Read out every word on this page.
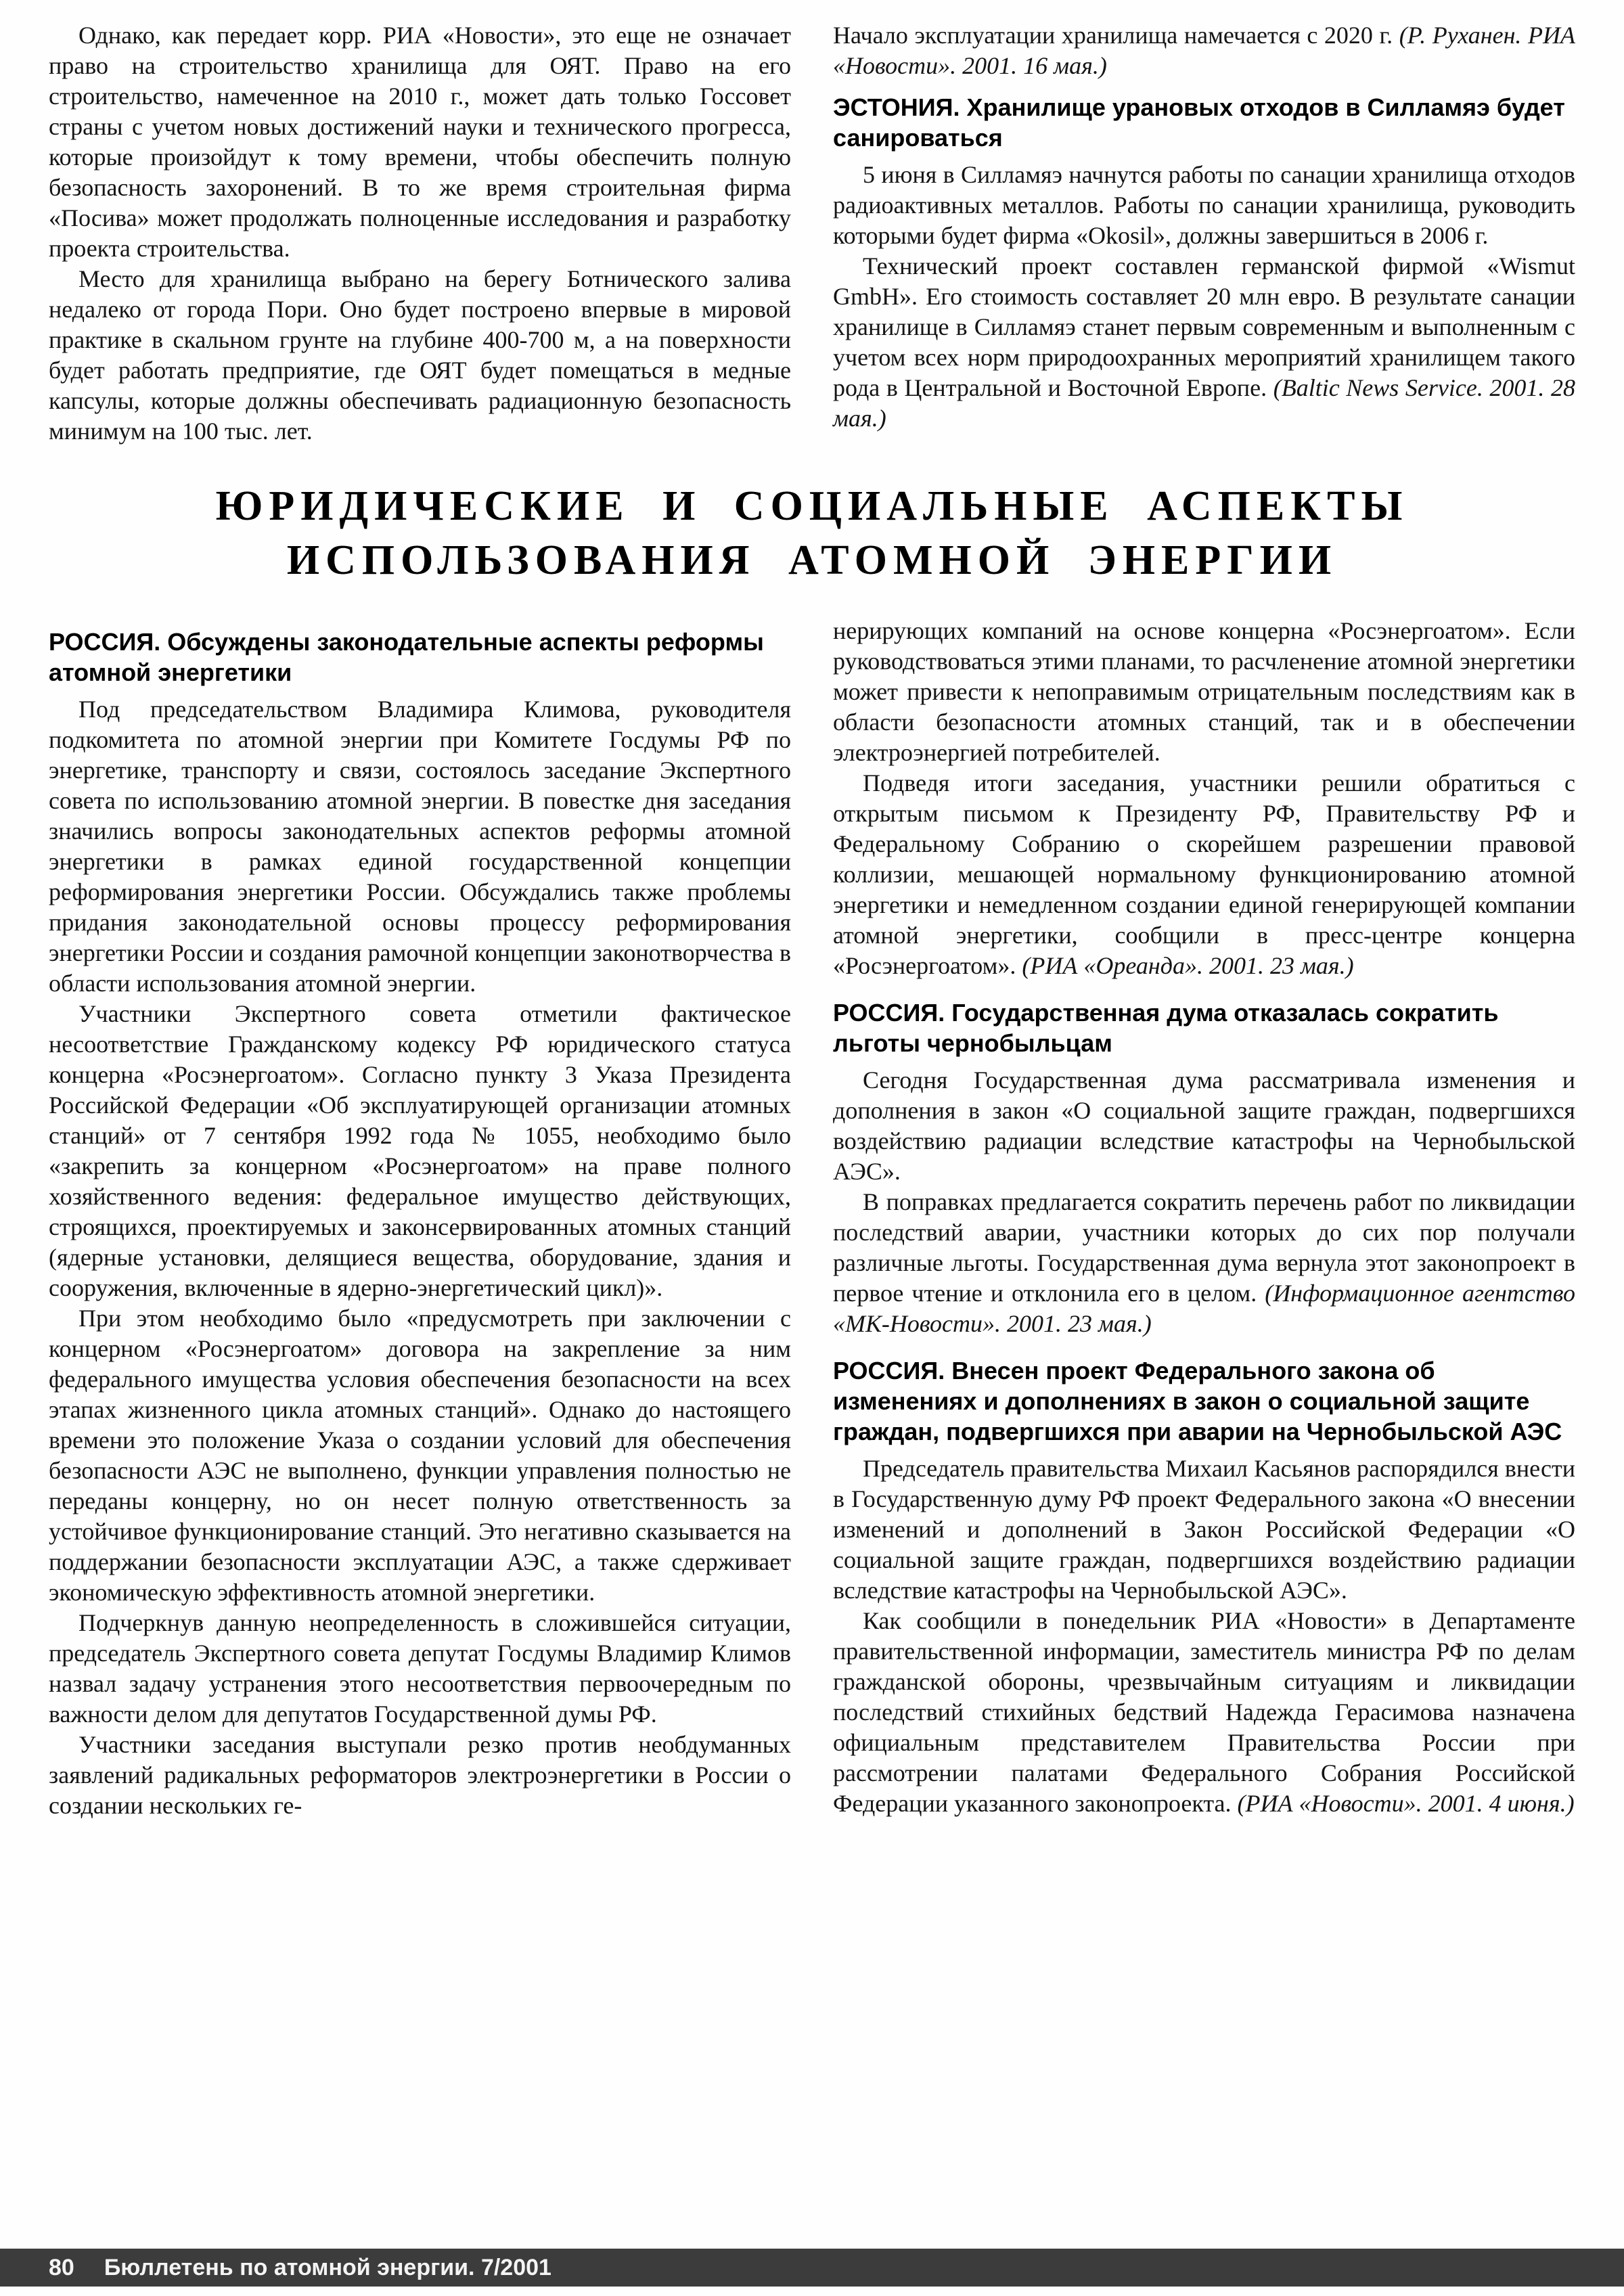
Однако, как передает корр. РИА «Новости», это еще не означает право на строительство хранилища для ОЯТ. Право на его строительство, намеченное на 2010 г., может дать только Госсовет страны с учетом новых достижений науки и технического прогресса, которые произойдут к тому времени, чтобы обеспечить полную безопасность захоронений. В то же время строительная фирма «Посива» может продолжать полноценные исследования и разработку проекта строительства.

Место для хранилища выбрано на берегу Ботнического залива недалеко от города Пори. Оно будет построено впервые в мировой практике в скальном грунте на глубине 400-700 м, а на поверхности будет работать предприятие, где ОЯТ будет помещаться в медные капсулы, которые должны обеспечивать радиационную безопасность минимум на 100 тыс. лет.

Начало эксплуатации хранилища намечается с 2020 г. (Р. Руханен. РИА «Новости». 2001. 16 мая.)

ЭСТОНИЯ. Хранилище урановых отходов в Силламяэ будет санироваться

5 июня в Силламяэ начнутся работы по санации хранилища отходов радиоактивных металлов. Работы по санации хранилища, руководить которыми будет фирма «Okosil», должны завершиться в 2006 г.

Технический проект составлен германской фирмой «Wismut GmbH». Его стоимость составляет 20 млн евро. В результате санации хранилище в Силламяэ станет первым современным и выполненным с учетом всех норм природоохранных мероприятий хранилищем такого рода в Центральной и Восточной Европе. (Baltic News Service. 2001. 28 мая.)

ЮРИДИЧЕСКИЕ И СОЦИАЛЬНЫЕ АСПЕКТЫ
ИСПОЛЬЗОВАНИЯ АТОМНОЙ ЭНЕРГИИ
РОССИЯ. Обсуждены законодательные аспекты реформы атомной энергетики

Под председательством Владимира Климова, руководителя подкомитета по атомной энергии при Комитете Госдумы РФ по энергетике, транспорту и связи, состоялось заседание Экспертного совета по использованию атомной энергии. В повестке дня заседания значились вопросы законодательных аспектов реформы атомной энергетики в рамках единой государственной концепции реформирования энергетики России. Обсуждались также проблемы придания законодательной основы процессу реформирования энергетики России и создания рамочной концепции законотворчества в области использования атомной энергии.

Участники Экспертного совета отметили фактическое несоответствие Гражданскому кодексу РФ юридического статуса концерна «Росэнергоатом». Согласно пункту 3 Указа Президента Российской Федерации «Об эксплуатирующей организации атомных станций» от 7 сентября 1992 года № 1055, необходимо было «закрепить за концерном «Росэнергоатом» на праве полного хозяйственного ведения: федеральное имущество действующих, строящихся, проектируемых и законсервированных атомных станций (ядерные установки, делящиеся вещества, оборудование, здания и сооружения, включенные в ядерно-энергетический цикл)».

При этом необходимо было «предусмотреть при заключении с концерном «Росэнергоатом» договора на закрепление за ним федерального имущества условия обеспечения безопасности на всех этапах жизненного цикла атомных станций». Однако до настоящего времени это положение Указа о создании условий для обеспечения безопасности АЭС не выполнено, функции управления полностью не переданы концерну, но он несет полную ответственность за устойчивое функционирование станций. Это негативно сказывается на поддержании безопасности эксплуатации АЭС, а также сдерживает экономическую эффективность атомной энергетики.

Подчеркнув данную неопределенность в сложившейся ситуации, председатель Экспертного совета депутат Госдумы Владимир Климов назвал задачу устранения этого несоответствия первоочередным по важности делом для депутатов Государственной думы РФ.

Участники заседания выступали резко против необдуманных заявлений радикальных реформаторов электроэнергетики в России о создании нескольких ге-

нерирующих компаний на основе концерна «Росэнергоатом». Если руководствоваться этими планами, то расчленение атомной энергетики может привести к непоправимым отрицательным последствиям как в области безопасности атомных станций, так и в обеспечении электроэнергией потребителей.

Подведя итоги заседания, участники решили обратиться с открытым письмом к Президенту РФ, Правительству РФ и Федеральному Собранию о скорейшем разрешении правовой коллизии, мешающей нормальному функционированию атомной энергетики и немедленном создании единой генерирующей компании атомной энергетики, сообщили в пресс-центре концерна «Росэнергоатом». (РИА «Ореанда». 2001. 23 мая.)

РОССИЯ. Государственная дума отказалась сократить льготы чернобыльцам

Сегодня Государственная дума рассматривала изменения и дополнения в закон «О социальной защите граждан, подвергшихся воздействию радиации вследствие катастрофы на Чернобыльской АЭС».

В поправках предлагается сократить перечень работ по ликвидации последствий аварии, участники которых до сих пор получали различные льготы. Государственная дума вернула этот законопроект в первое чтение и отклонила его в целом. (Информационное агентство «МК-Новости». 2001. 23 мая.)

РОССИЯ. Внесен проект Федерального закона об изменениях и дополнениях в закон о социальной защите граждан, подвергшихся при аварии на Чернобыльской АЭС

Председатель правительства Михаил Касьянов распорядился внести в Государственную думу РФ проект Федерального закона «О внесении изменений и дополнений в Закон Российской Федерации «О социальной защите граждан, подвергшихся воздействию радиации вследствие катастрофы на Чернобыльской АЭС».

Как сообщили в понедельник РИА «Новости» в Департаменте правительственной информации, заместитель министра РФ по делам гражданской обороны, чрезвычайным ситуациям и ликвидации последствий стихийных бедствий Надежда Герасимова назначена официальным представителем Правительства России при рассмотрении палатами Федерального Собрания Российской Федерации указанного законопроекта. (РИА «Новости». 2001. 4 июня.)

80 Бюллетень по атомной энергии. 7/2001
